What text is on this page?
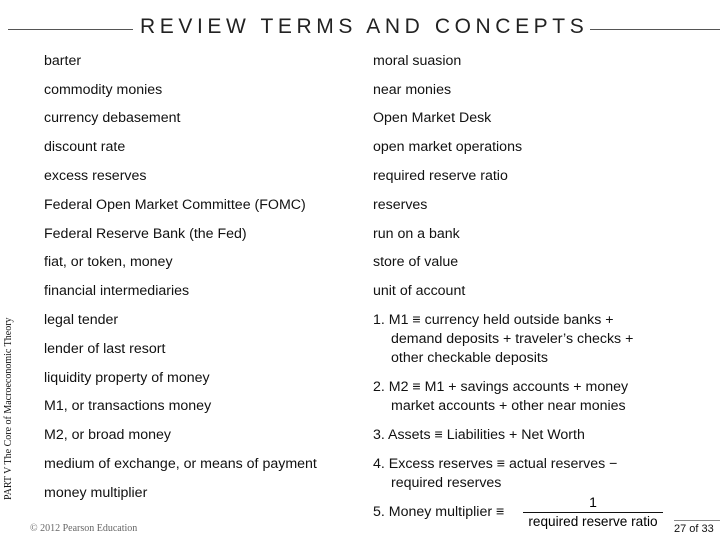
REVIEW TERMS AND CONCEPTS
PART V The Core of Macroeconomic Theory
barter
commodity monies
currency debasement
discount rate
excess reserves
Federal Open Market Committee (FOMC)
Federal Reserve Bank (the Fed)
fiat, or token, money
financial intermediaries
legal tender
lender of last resort
liquidity property of money
M1, or transactions money
M2, or broad money
medium of exchange, or means of payment
money multiplier
moral suasion
near monies
Open Market Desk
open market operations
required reserve ratio
reserves
run on a bank
store of value
unit of account
1. M1 ≡ currency held outside banks +
demand deposits + traveler’s checks +
other checkable deposits
2. M2 ≡ M1 + savings accounts + money
market accounts + other near monies
3. Assets ≡ Liabilities + Net Worth
4. Excess reserves ≡ actual reserves −
required reserves
5. Money multiplier ≡
1
required reserve ratio
© 2012 Pearson Education	27 of 33
